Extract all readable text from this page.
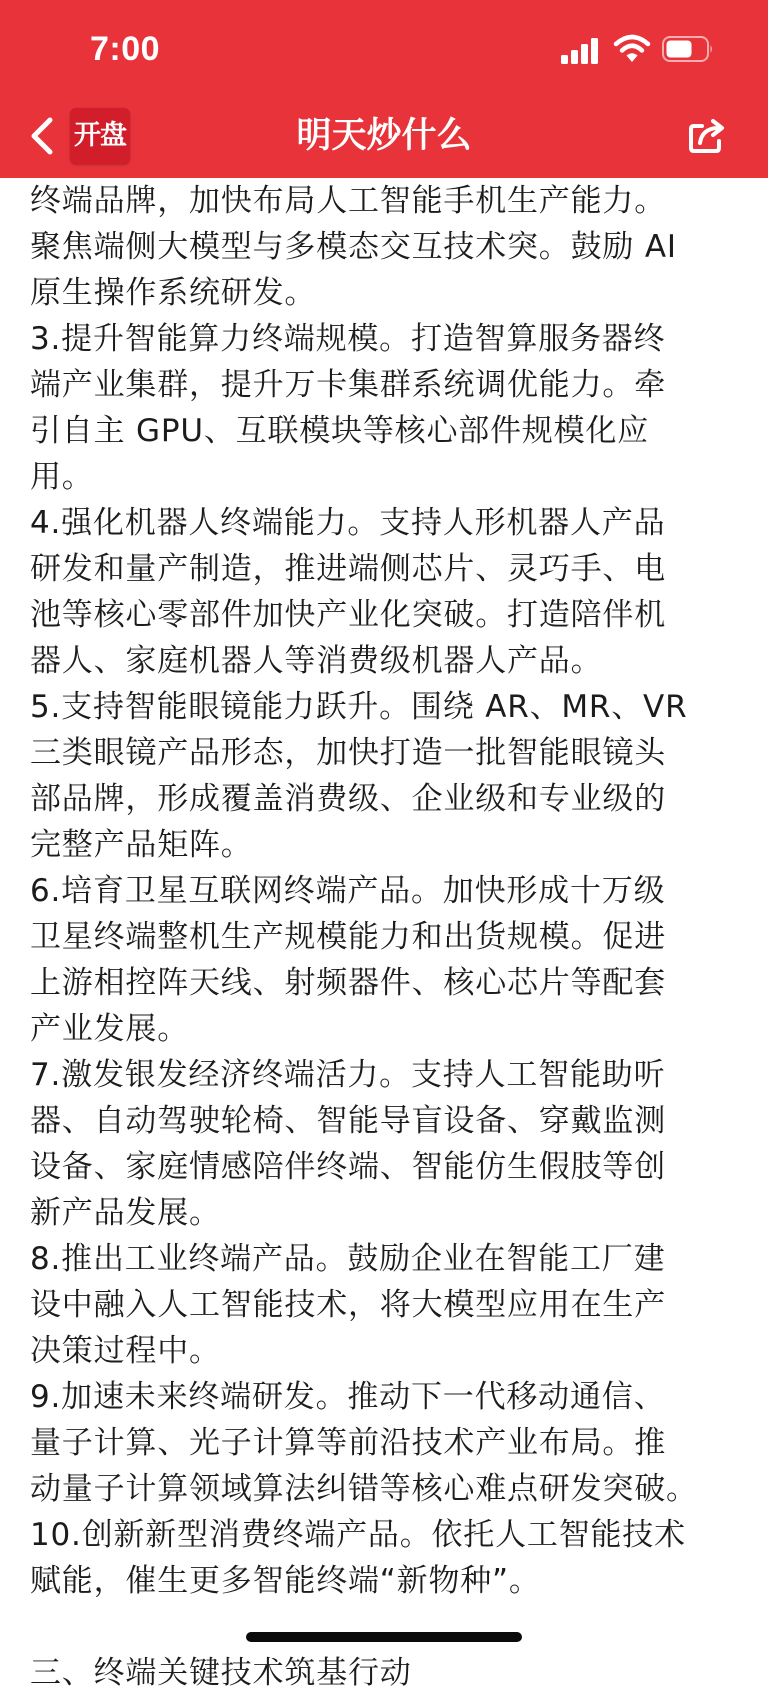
7:00
开盘	明天炒什么
终端品牌，加快布局人工智能手机生产能力。
聚焦端侧大模型与多模态交互技术突。鼓励 AI
原生操作系统研发。
3.提升智能算力终端规模。打造智算服务器终
端产业集群，提升万卡集群系统调优能力。牵
引自主 GPU、互联模块等核心部件规模化应
用。
4.强化机器人终端能力。支持人形机器人产品
研发和量产制造，推进端侧芯片、灵巧手、电
池等核心零部件加快产业化突破。打造陪伴机
器人、家庭机器人等消费级机器人产品。
5.支持智能眼镜能力跃升。围绕 AR、MR、VR
三类眼镜产品形态，加快打造一批智能眼镜头
部品牌，形成覆盖消费级、企业级和专业级的
完整产品矩阵。
6.培育卫星互联网终端产品。加快形成十万级
卫星终端整机生产规模能力和出货规模。促进
上游相控阵天线、射频器件、核心芯片等配套
产业发展。
7.激发银发经济终端活力。支持人工智能助听
器、自动驾驶轮椅、智能导盲设备、穿戴监测
设备、家庭情感陪伴终端、智能仿生假肢等创
新产品发展。
8.推出工业终端产品。鼓励企业在智能工厂建
设中融入人工智能技术，将大模型应用在生产
决策过程中。
9.加速未来终端研发。推动下一代移动通信、
量子计算、光子计算等前沿技术产业布局。推
动量子计算领域算法纠错等核心难点研发突破。
10.创新新型消费终端产品。依托人工智能技术
赋能，催生更多智能终端“新物种”。
三、终端关键技术筑基行动
